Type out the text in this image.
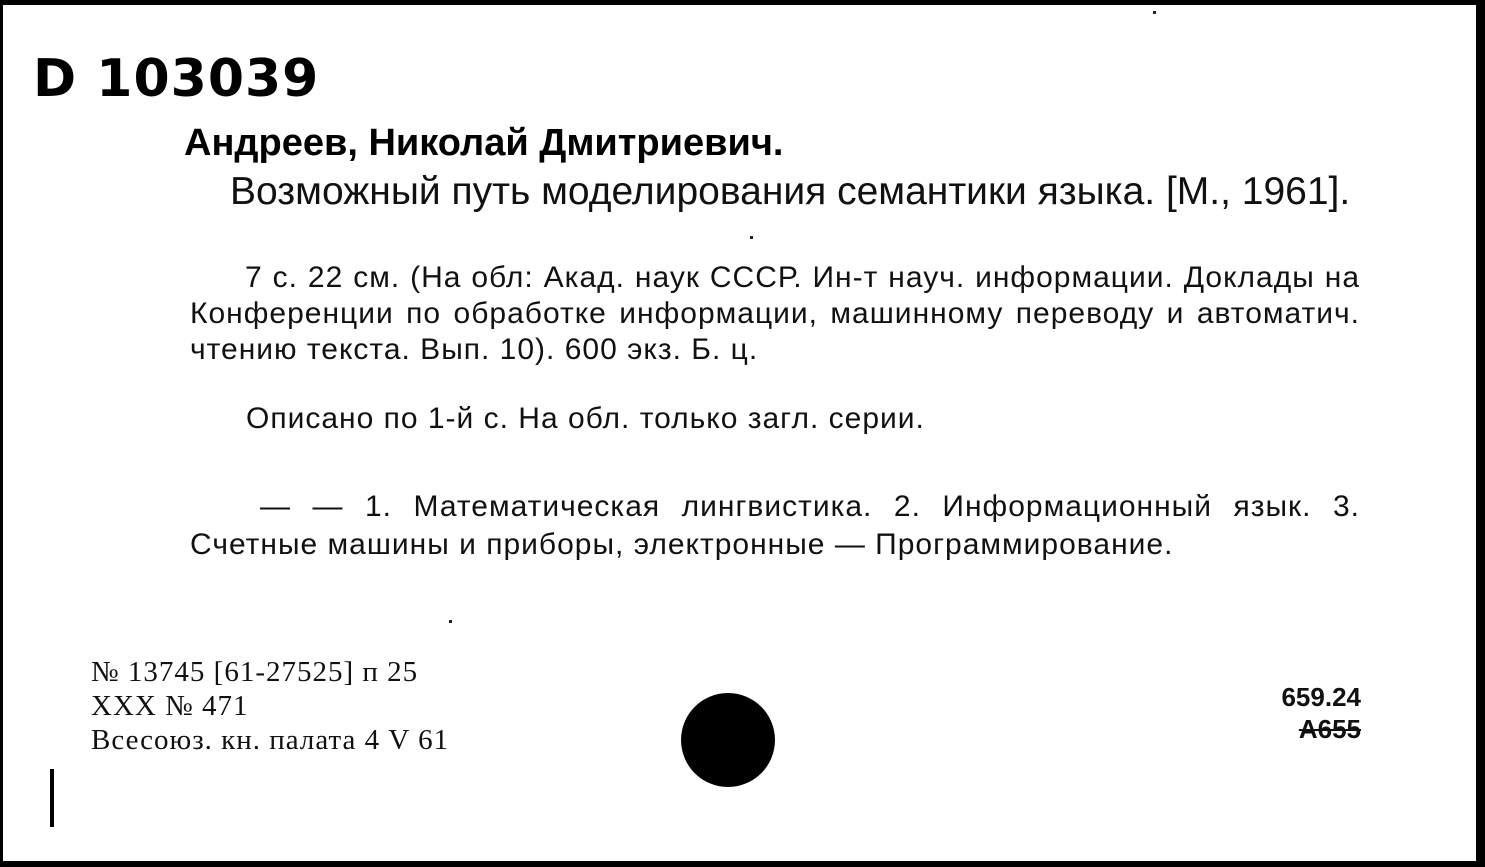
D 103039
Андреев, Николай Дмитриевич.
Возможный путь моделирования семантики языка. [М., 1961].
7 с. 22 см. (На обл: Акад. наук СССР. Ин-т науч. информации. Доклады на Конференции по обработке информации, машинному переводу и автоматич. чтению текста. Вып. 10). 600 экз. Б. ц.
Описано по 1-й с. На обл. только загл. серии.
— — 1. Математическая лингвистика. 2. Информационный язык. 3. Счетные машины и приборы, электронные — Программирование.
№ 13745 [61-27525] п 25
XXX № 471
Всесоюз. кн. палата 4 V 61
659.24
А655
